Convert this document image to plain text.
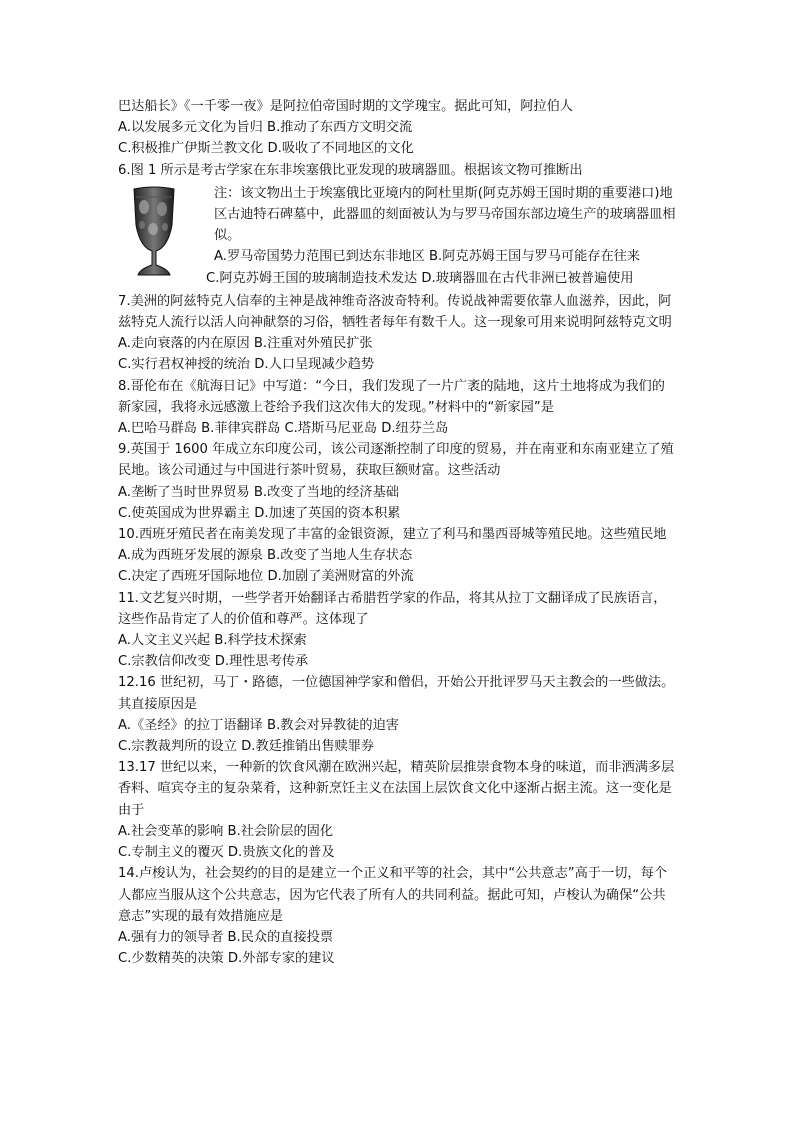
巴达船长》《一千零一夜》是阿拉伯帝国时期的文学瑰宝。据此可知，阿拉伯人
A.以发展多元文化为旨归 B.推动了东西方文明交流
C.积极推广伊斯兰教文化 D.吸收了不同地区的文化
6.图 1 所示是考古学家在东非埃塞俄比亚发现的玻璃器皿。根据该文物可推断出
注：该文物出土于埃塞俄比亚境内的阿杜里斯(阿克苏姆王国时期的重要港口)地区古迪特石碑墓中，此器皿的刻面被认为与罗马帝国东部边境生产的玻璃器皿相似。
A.罗马帝国势力范围已到达东非地区 B.阿克苏姆王国与罗马可能存在往来
C.阿克苏姆王国的玻璃制造技术发达 D.玻璃器皿在古代非洲已被普遍使用
7.美洲的阿兹特克人信奉的主神是战神维奇洛波奇特利。传说战神需要依靠人血滋养，因此，阿兹特克人流行以活人向神献祭的习俗，牺牲者每年有数千人。这一现象可用来说明阿兹特克文明
A.走向衰落的内在原因 B.注重对外殖民扩张
C.实行君权神授的统治 D.人口呈现减少趋势
8.哥伦布在《航海日记》中写道：“今日，我们发现了一片广袤的陆地，这片土地将成为我们的新家园，我将永远感激上苍给予我们这次伟大的发现。”材料中的“新家园”是
A.巴哈马群岛 B.菲律宾群岛 C.塔斯马尼亚岛 D.纽芬兰岛
9.英国于 1600 年成立东印度公司，该公司逐渐控制了印度的贸易，并在南亚和东南亚建立了殖民地。该公司通过与中国进行茶叶贸易，获取巨额财富。这些活动
A.垄断了当时世界贸易 B.改变了当地的经济基础
C.使英国成为世界霸主 D.加速了英国的资本积累
10.西班牙殖民者在南美发现了丰富的金银资源，建立了利马和墨西哥城等殖民地。这些殖民地
A.成为西班牙发展的源泉 B.改变了当地人生存状态
C.决定了西班牙国际地位 D.加剧了美洲财富的外流
11.文艺复兴时期，一些学者开始翻译古希腊哲学家的作品，将其从拉丁文翻译成了民族语言，这些作品肯定了人的价值和尊严。这体现了
A.人文主义兴起 B.科学技术探索
C.宗教信仰改变 D.理性思考传承
12.16 世纪初，马丁・路德，一位德国神学家和僧侣，开始公开批评罗马天主教会的一些做法。其直接原因是
A.《圣经》的拉丁语翻译 B.教会对异教徒的迫害
C.宗教裁判所的设立 D.教廷推销出售赎罪券
13.17 世纪以来，一种新的饮食风潮在欧洲兴起，精英阶层推崇食物本身的味道，而非洒满多层香料、喧宾夺主的复杂菜肴，这种新烹饪主义在法国上层饮食文化中逐渐占据主流。这一变化是由于
A.社会变革的影响 B.社会阶层的固化
C.专制主义的覆灭 D.贵族文化的普及
14.卢梭认为，社会契约的目的是建立一个正义和平等的社会，其中“公共意志”高于一切，每个人都应当服从这个公共意志，因为它代表了所有人的共同利益。据此可知，卢梭认为确保“公共意志”实现的最有效措施应是
A.强有力的领导者 B.民众的直接投票
C.少数精英的决策 D.外部专家的建议
